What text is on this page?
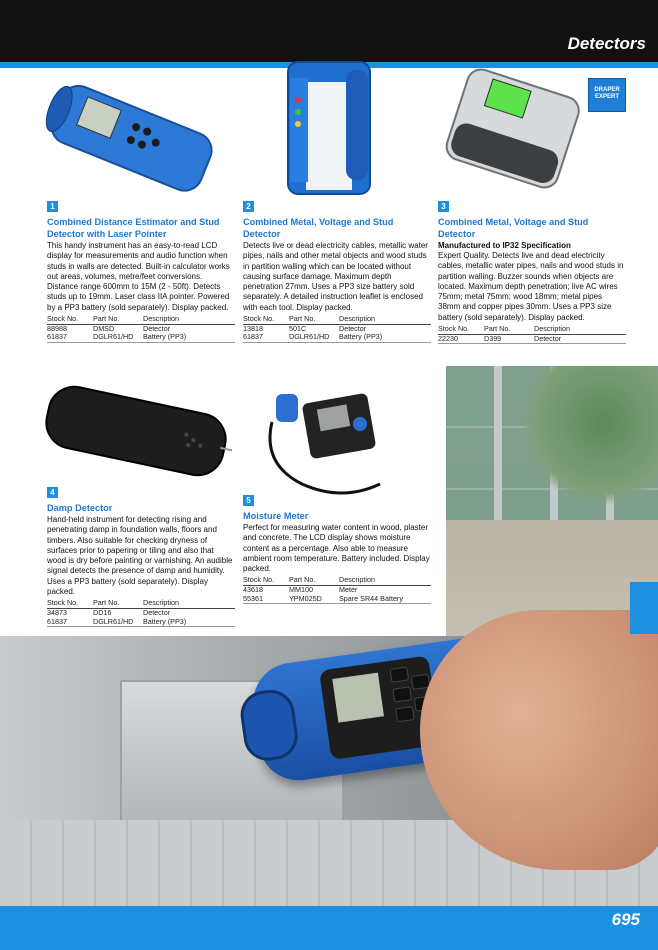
Detectors
DRAPER
EXPERT
1
Combined Distance Estimator and Stud Detector with Laser Pointer
This handy instrument has an easy-to-read LCD display for measurements and audio function when studs in walls are detected. Built-in calculator works out areas, volumes, metre/feet conversions. Distance range 600mm to 15M (2 - 50ft). Detects studs up to 19mm. Laser class IIA pointer. Powered by a PP3 battery (sold separately). Display packed.
Stock No.	Part No.	Description
88988	DMSD	Detector
61837	DGLR61/HD	Battery (PP3)
2
Combined Metal, Voltage and Stud Detector
Detects live or dead electricity cables, metallic water pipes, nails and other metal objects and wood studs in partition walling which can be located without causing surface damage. Maximum depth penetration 27mm. Uses a PP3 size battery sold separately. A detailed instruction leaflet is enclosed with each tool. Display packed.
Stock No.	Part No.	Description
13818	501C	Detector
61837	DGLR61/HD	Battery (PP3)
3
Combined Metal, Voltage and Stud Detector
Manufactured to IP32 Specification
Expert Quality. Detects live and dead electricity cables, metallic water pipes, nails and wood studs in partition walling. Buzzer sounds when objects are located. Maximum depth penetration; live AC wires 75mm; metal 75mm; wood 18mm; metal pipes 38mm and copper pipes 30mm. Uses a PP3 size battery (sold separately). Display packed.
Stock No.	Part No.	Description
22230	D399	Detector
4
Damp Detector
Hand-held instrument for detecting rising and penetrating damp in foundation walls, floors and timbers. Also suitable for checking dryness of surfaces prior to papering or tiling and also that wood is dry before painting or varnishing. An audible signal detects the presence of damp and humidity. Uses a PP3 battery (sold separately). Display packed.
Stock No.	Part No.	Description
34873	DD16	Detector
61837	DGLR61/HD	Battery (PP3)
5
Moisture Meter
Perfect for measuring water content in wood, plaster and concrete. The LCD display shows moisture content as a percentage. Also able to measure ambient room temperature. Battery included. Display packed.
Stock No.	Part No.	Description
43618	MM100	Meter
55361	YPM025D	Spare SR44 Battery
695
